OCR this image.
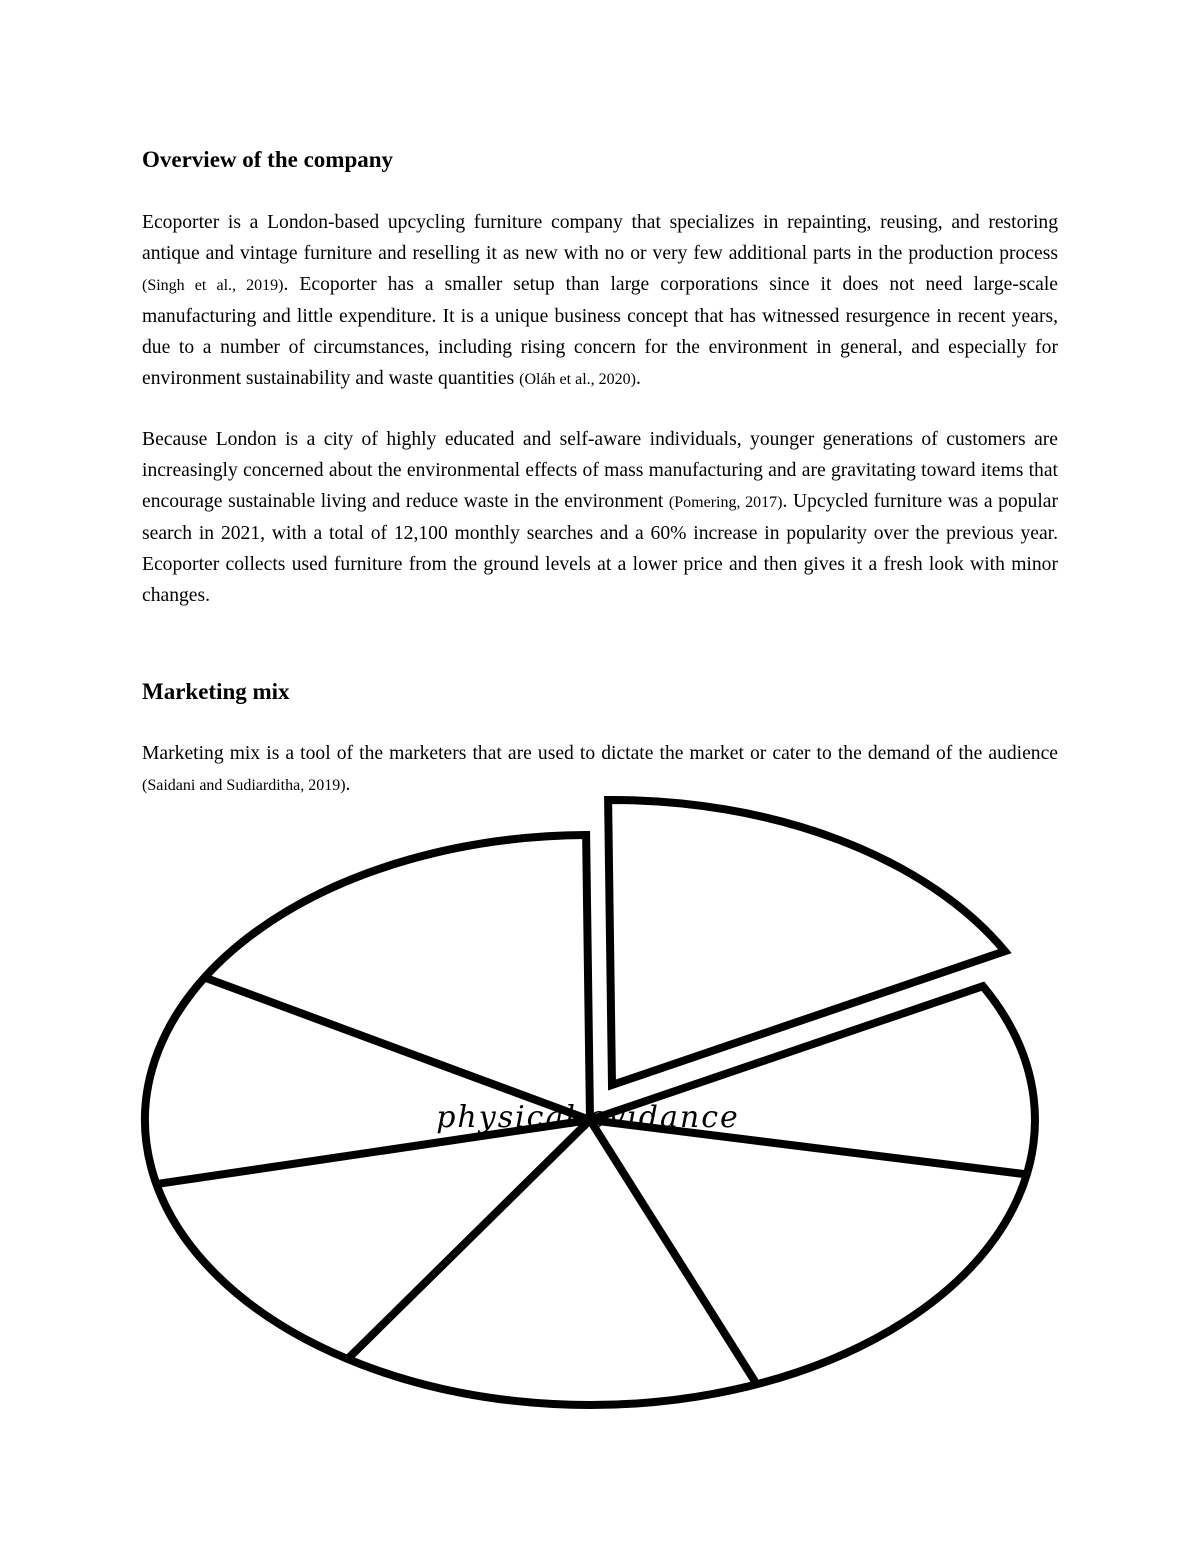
Overview of the company

Ecoporter is a London-based upcycling furniture company that specializes in repainting, reusing, and restoring antique and vintage furniture and reselling it as new with no or very few additional parts in the production process (Singh et al., 2019). Ecoporter has a smaller setup than large corporations since it does not need large-scale manufacturing and little expenditure. It is a unique business concept that has witnessed resurgence in recent years, due to a number of circumstances, including rising concern for the environment in general, and especially for environment sustainability and waste quantities (Oláh et al., 2020).

Because London is a city of highly educated and self-aware individuals, younger generations of customers are increasingly concerned about the environmental effects of mass manufacturing and are gravitating toward items that encourage sustainable living and reduce waste in the environment (Pomering, 2017). Upcycled furniture was a popular search in 2021, with a total of 12,100 monthly searches and a 60% increase in popularity over the previous year. Ecoporter collects used furniture from the ground levels at a lower price and then gives it a fresh look with minor changes.

Marketing mix

Marketing mix is a tool of the marketers that are used to dictate the market or cater to the demand of the audience (Saidani and Sudiarditha, 2019).

physical evidance
